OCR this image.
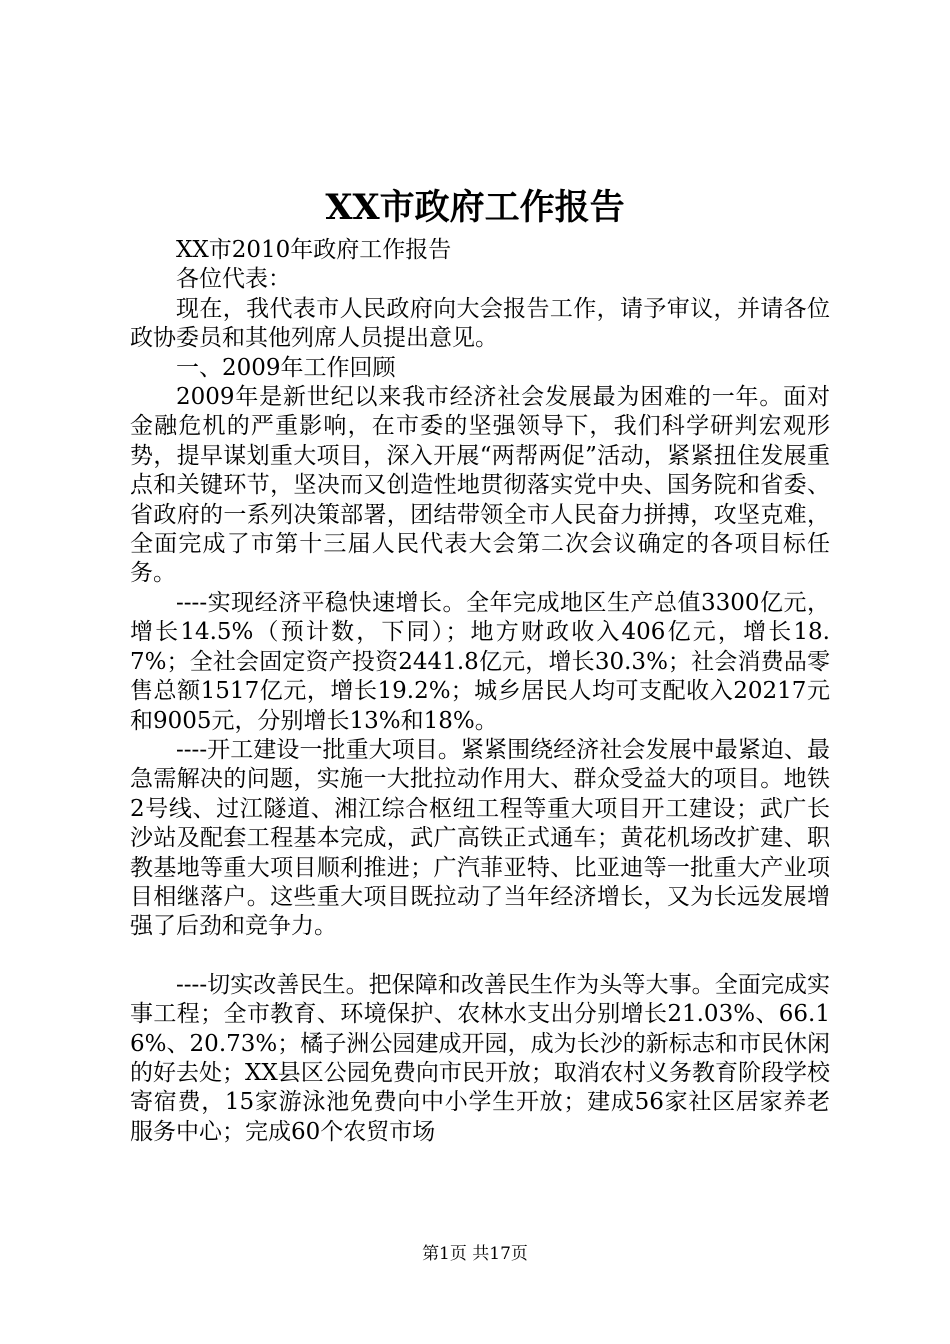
XX市政府工作报告

XX市2010年政府工作报告

各位代表：

现在，我代表市人民政府向大会报告工作，请予审议，并请各位政协委员和其他列席人员提出意见。

一、2009年工作回顾

2009年是新世纪以来我市经济社会发展最为困难的一年。面对金融危机的严重影响，在市委的坚强领导下，我们科学研判宏观形势，提早谋划重大项目，深入开展“两帮两促”活动，紧紧扭住发展重点和关键环节，坚决而又创造性地贯彻落实党中央、国务院和省委、省政府的一系列决策部署，团结带领全市人民奋力拼搏，攻坚克难，全面完成了市第十三届人民代表大会第二次会议确定的各项目标任务。

----实现经济平稳快速增长。全年完成地区生产总值3300亿元，增长14.5%（预计数，下同）；地方财政收入406亿元，增长18.7%；全社会固定资产投资2441.8亿元，增长30.3%；社会消费品零售总额1517亿元，增长19.2%；城乡居民人均可支配收入20217元和9005元，分别增长13%和18%。

----开工建设一批重大项目。紧紧围绕经济社会发展中最紧迫、最急需解决的问题，实施一大批拉动作用大、群众受益大的项目。地铁2号线、过江隧道、湘江综合枢纽工程等重大项目开工建设；武广长沙站及配套工程基本完成，武广高铁正式通车；黄花机场改扩建、职教基地等重大项目顺利推进；广汽菲亚特、比亚迪等一批重大产业项目相继落户。这些重大项目既拉动了当年经济增长，又为长远发展增强了后劲和竞争力。

----切实改善民生。把保障和改善民生作为头等大事。全面完成实事工程；全市教育、环境保护、农林水支出分别增长21.03%、66.16%、20.73%；橘子洲公园建成开园，成为长沙的新标志和市民休闲的好去处；XX县区公园免费向市民开放；取消农村义务教育阶段学校寄宿费，15家游泳池免费向中小学生开放；建成56家社区居家养老服务中心；完成60个农贸市场

第1页 共17页
